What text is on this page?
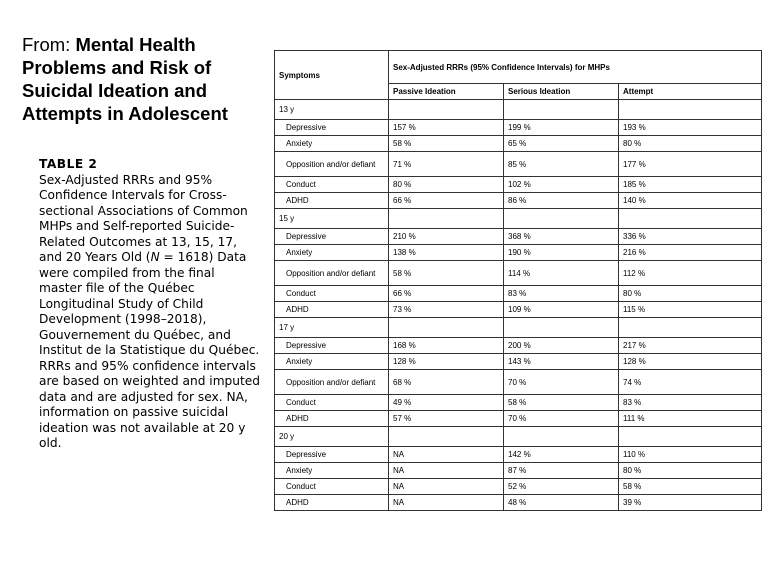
From: Mental Health Problems and Risk of Suicidal Ideation and Attempts in Adolescent
TABLE 2
Sex-Adjusted RRRs and 95% Confidence Intervals for Cross-sectional Associations of Common MHPs and Self-reported Suicide-Related Outcomes at 13, 15, 17, and 20 Years Old (N = 1618) Data were compiled from the final master file of the Québec Longitudinal Study of Child Development (1998–2018), Gouvernement du Québec, and Institut de la Statistique du Québec. RRRs and 95% confidence intervals are based on weighted and imputed data and are adjusted for sex. NA, information on passive suicidal ideation was not available at 20 y old.
Symptoms	Sex-Adjusted RRRs (95% Confidence Intervals) for MHPs		
	Passive Ideation	Serious Ideation	Attempt
13 y			
Depressive	157 %	199 %	193 %
Anxiety	58 %	65 %	80 %
Opposition and/or defiant	71 %	85 %	177 %
Conduct	80 %	102 %	185 %
ADHD	66 %	86 %	140 %
15 y			
Depressive	210 %	368 %	336 %
Anxiety	138 %	190 %	216 %
Opposition and/or defiant	58 %	114 %	112 %
Conduct	66 %	83 %	80 %
ADHD	73 %	109 %	115 %
17 y			
Depressive	168 %	200 %	217 %
Anxiety	128 %	143 %	128 %
Opposition and/or defiant	68 %	70 %	74 %
Conduct	49 %	58 %	83 %
ADHD	57 %	70 %	111 %
20 y			
Depressive	NA	142 %	110 %
Anxiety	NA	87 %	80 %
Conduct	NA	52 %	58 %
ADHD	NA	48 %	39 %
